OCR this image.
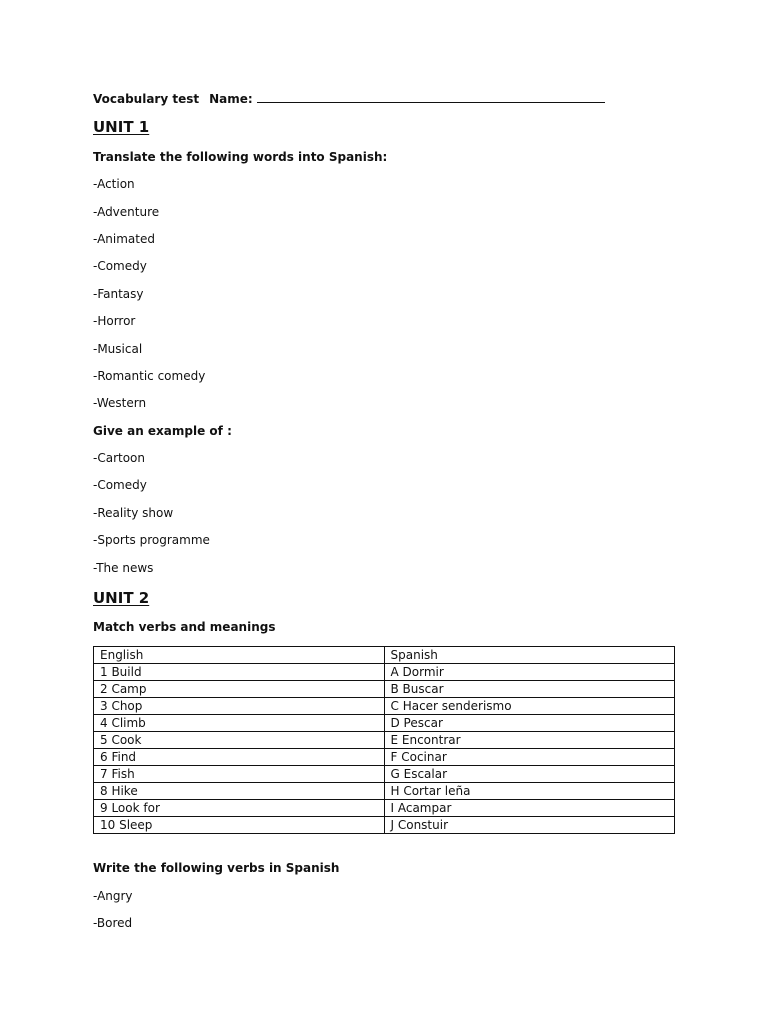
Vocabulary test Name:
UNIT 1
Translate the following words into Spanish:
-Action
-Adventure
-Animated
-Comedy
-Fantasy
-Horror
-Musical
-Romantic comedy
-Western
Give an example of :
-Cartoon
-Comedy
-Reality show
-Sports programme
-The news
UNIT 2
Match verbs and meanings
English	Spanish
1 Build	A Dormir
2 Camp	B Buscar
3 Chop	C Hacer senderismo
4 Climb	D Pescar
5 Cook	E Encontrar
6 Find	F Cocinar
7 Fish	G Escalar
8 Hike	H Cortar leña
9 Look for	I Acampar
10 Sleep	J Constuir
Write the following verbs in Spanish
-Angry
-Bored
